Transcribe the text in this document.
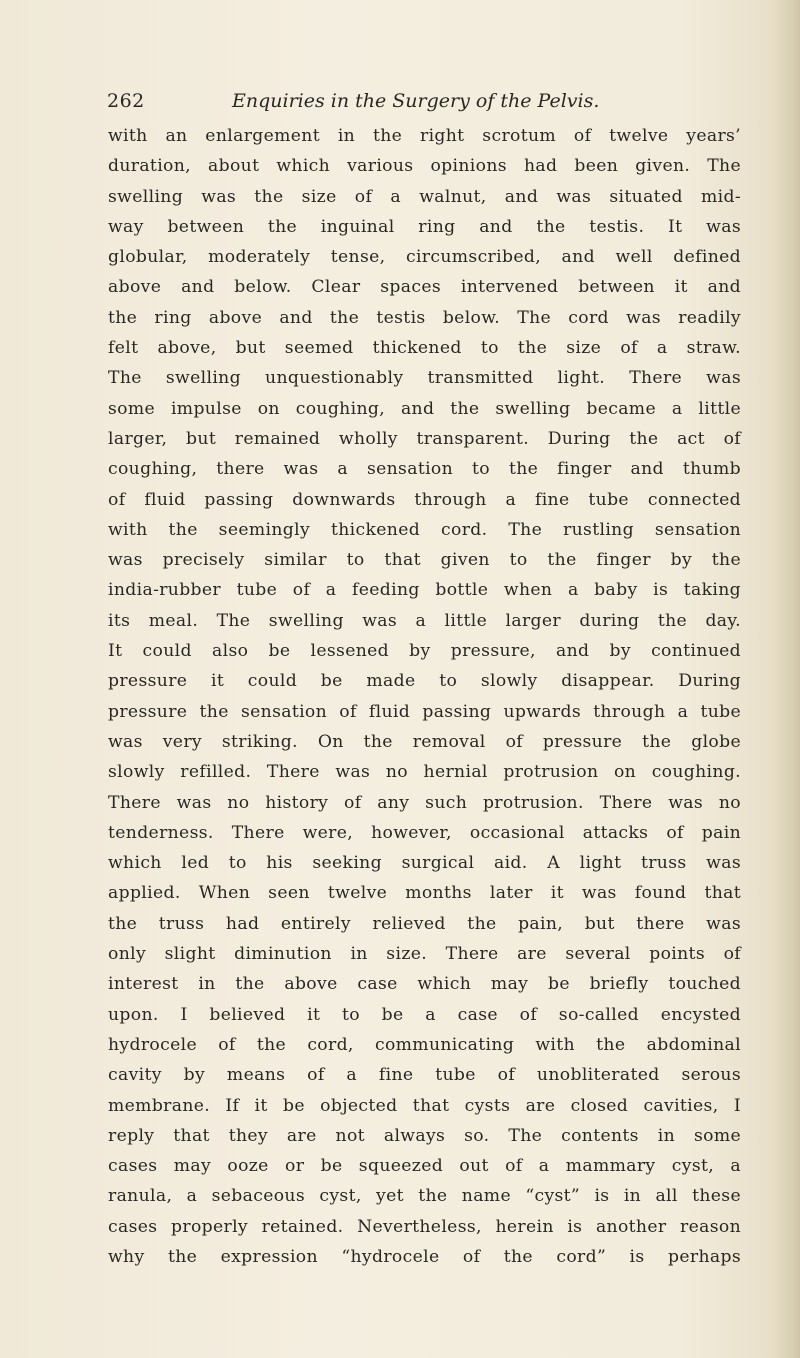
262	Enquiries in the Surgery of the Pelvis.
with an enlargement in the right scrotum of twelve years’
duration, about which various opinions had been given. The
swelling was the size of a walnut, and was situated mid-
way between the inguinal ring and the testis. It was
globular, moderately tense, circumscribed, and well defined
above and below. Clear spaces intervened between it and
the ring above and the testis below. The cord was readily
felt above, but seemed thickened to the size of a straw.
The swelling unquestionably transmitted light. There was
some impulse on coughing, and the swelling became a little
larger, but remained wholly transparent. During the act of
coughing, there was a sensation to the finger and thumb
of fluid passing downwards through a fine tube connected
with the seemingly thickened cord. The rustling sensation
was precisely similar to that given to the finger by the
india-rubber tube of a feeding bottle when a baby is taking
its meal. The swelling was a little larger during the day.
It could also be lessened by pressure, and by continued
pressure it could be made to slowly disappear. During
pressure the sensation of fluid passing upwards through a tube
was very striking. On the removal of pressure the globe
slowly refilled. There was no hernial protrusion on coughing.
There was no history of any such protrusion. There was no
tenderness. There were, however, occasional attacks of pain
which led to his seeking surgical aid. A light truss was
applied. When seen twelve months later it was found that
the truss had entirely relieved the pain, but there was
only slight diminution in size. There are several points of
interest in the above case which may be briefly touched
upon. I believed it to be a case of so-called encysted
hydrocele of the cord, communicating with the abdominal
cavity by means of a fine tube of unobliterated serous
membrane. If it be objected that cysts are closed cavities, I
reply that they are not always so. The contents in some
cases may ooze or be squeezed out of a mammary cyst, a
ranula, a sebaceous cyst, yet the name “cyst” is in all these
cases properly retained. Nevertheless, herein is another reason
why the expression “hydrocele of the cord” is perhaps
